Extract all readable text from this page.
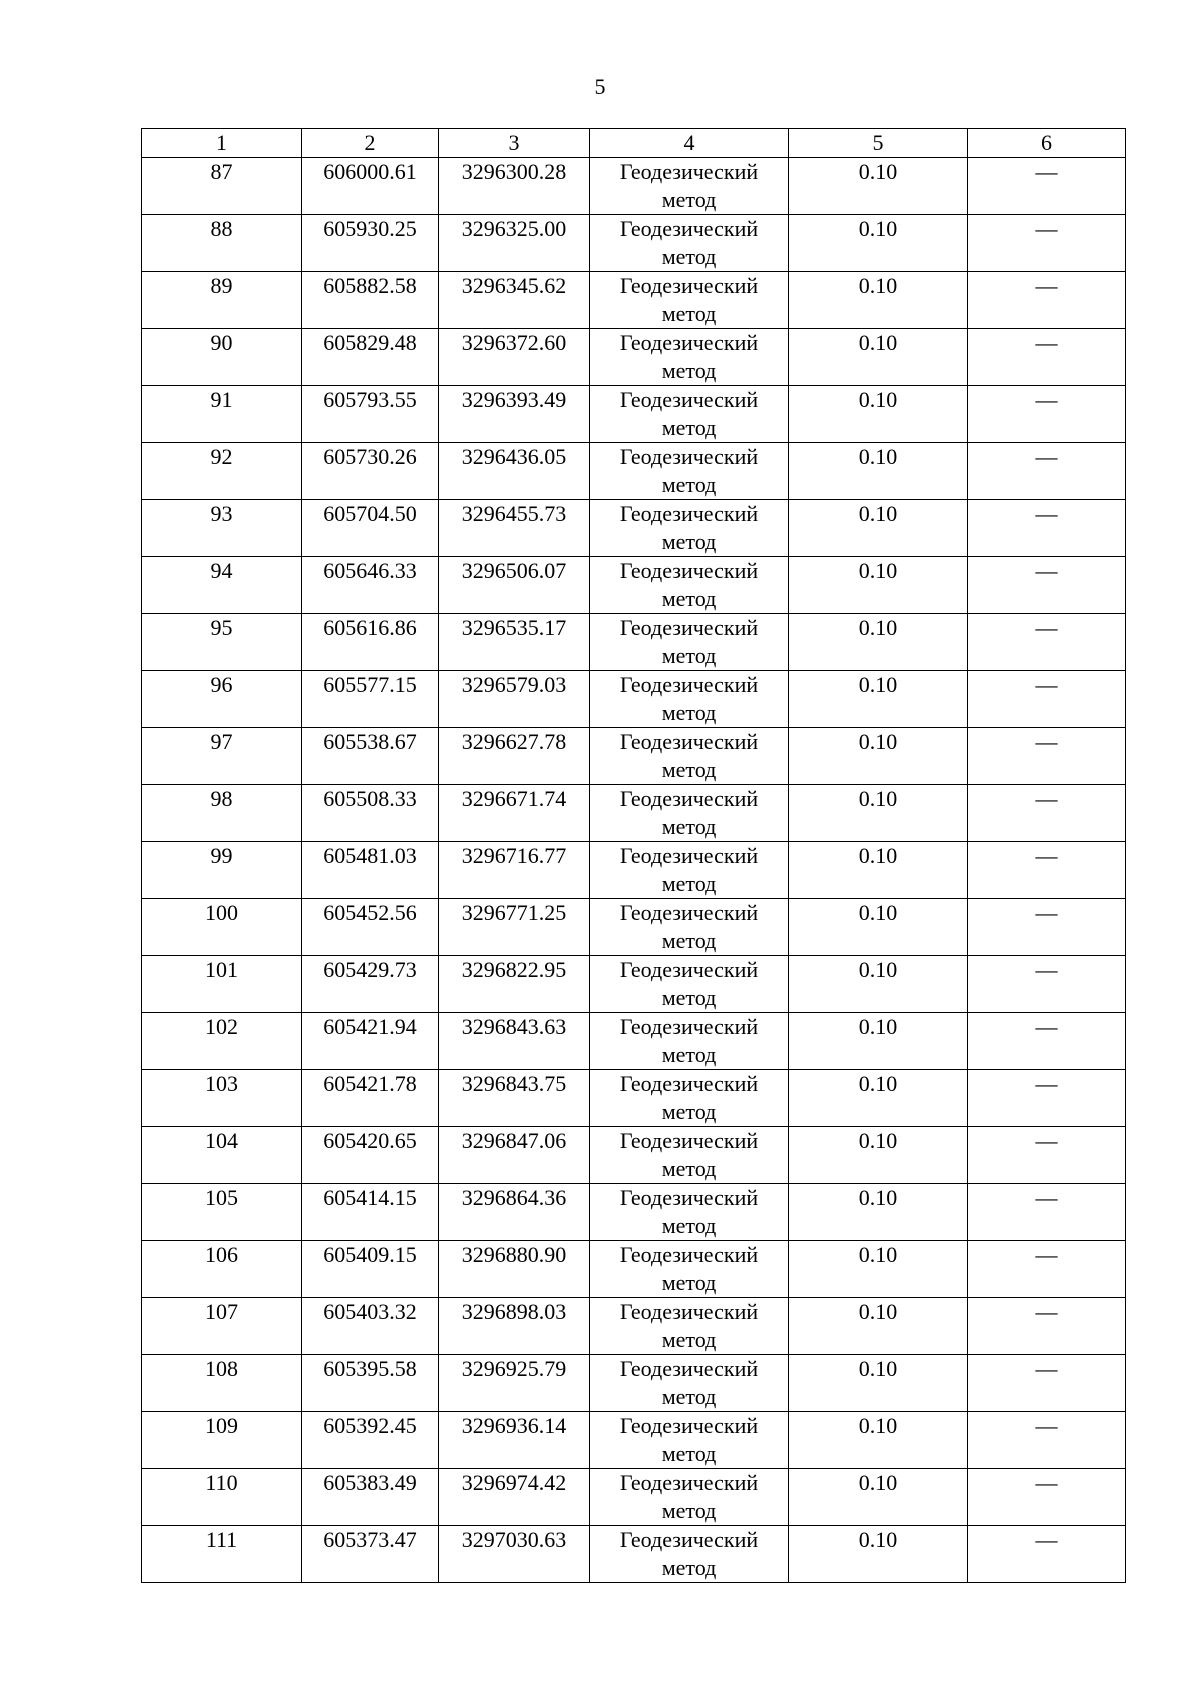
5
1	2	3	4	5	6
87	606000.61	3296300.28	Геодезический метод	0.10	—
88	605930.25	3296325.00	Геодезический метод	0.10	—
89	605882.58	3296345.62	Геодезический метод	0.10	—
90	605829.48	3296372.60	Геодезический метод	0.10	—
91	605793.55	3296393.49	Геодезический метод	0.10	—
92	605730.26	3296436.05	Геодезический метод	0.10	—
93	605704.50	3296455.73	Геодезический метод	0.10	—
94	605646.33	3296506.07	Геодезический метод	0.10	—
95	605616.86	3296535.17	Геодезический метод	0.10	—
96	605577.15	3296579.03	Геодезический метод	0.10	—
97	605538.67	3296627.78	Геодезический метод	0.10	—
98	605508.33	3296671.74	Геодезический метод	0.10	—
99	605481.03	3296716.77	Геодезический метод	0.10	—
100	605452.56	3296771.25	Геодезический метод	0.10	—
101	605429.73	3296822.95	Геодезический метод	0.10	—
102	605421.94	3296843.63	Геодезический метод	0.10	—
103	605421.78	3296843.75	Геодезический метод	0.10	—
104	605420.65	3296847.06	Геодезический метод	0.10	—
105	605414.15	3296864.36	Геодезический метод	0.10	—
106	605409.15	3296880.90	Геодезический метод	0.10	—
107	605403.32	3296898.03	Геодезический метод	0.10	—
108	605395.58	3296925.79	Геодезический метод	0.10	—
109	605392.45	3296936.14	Геодезический метод	0.10	—
110	605383.49	3296974.42	Геодезический метод	0.10	—
111	605373.47	3297030.63	Геодезический метод	0.10	—
